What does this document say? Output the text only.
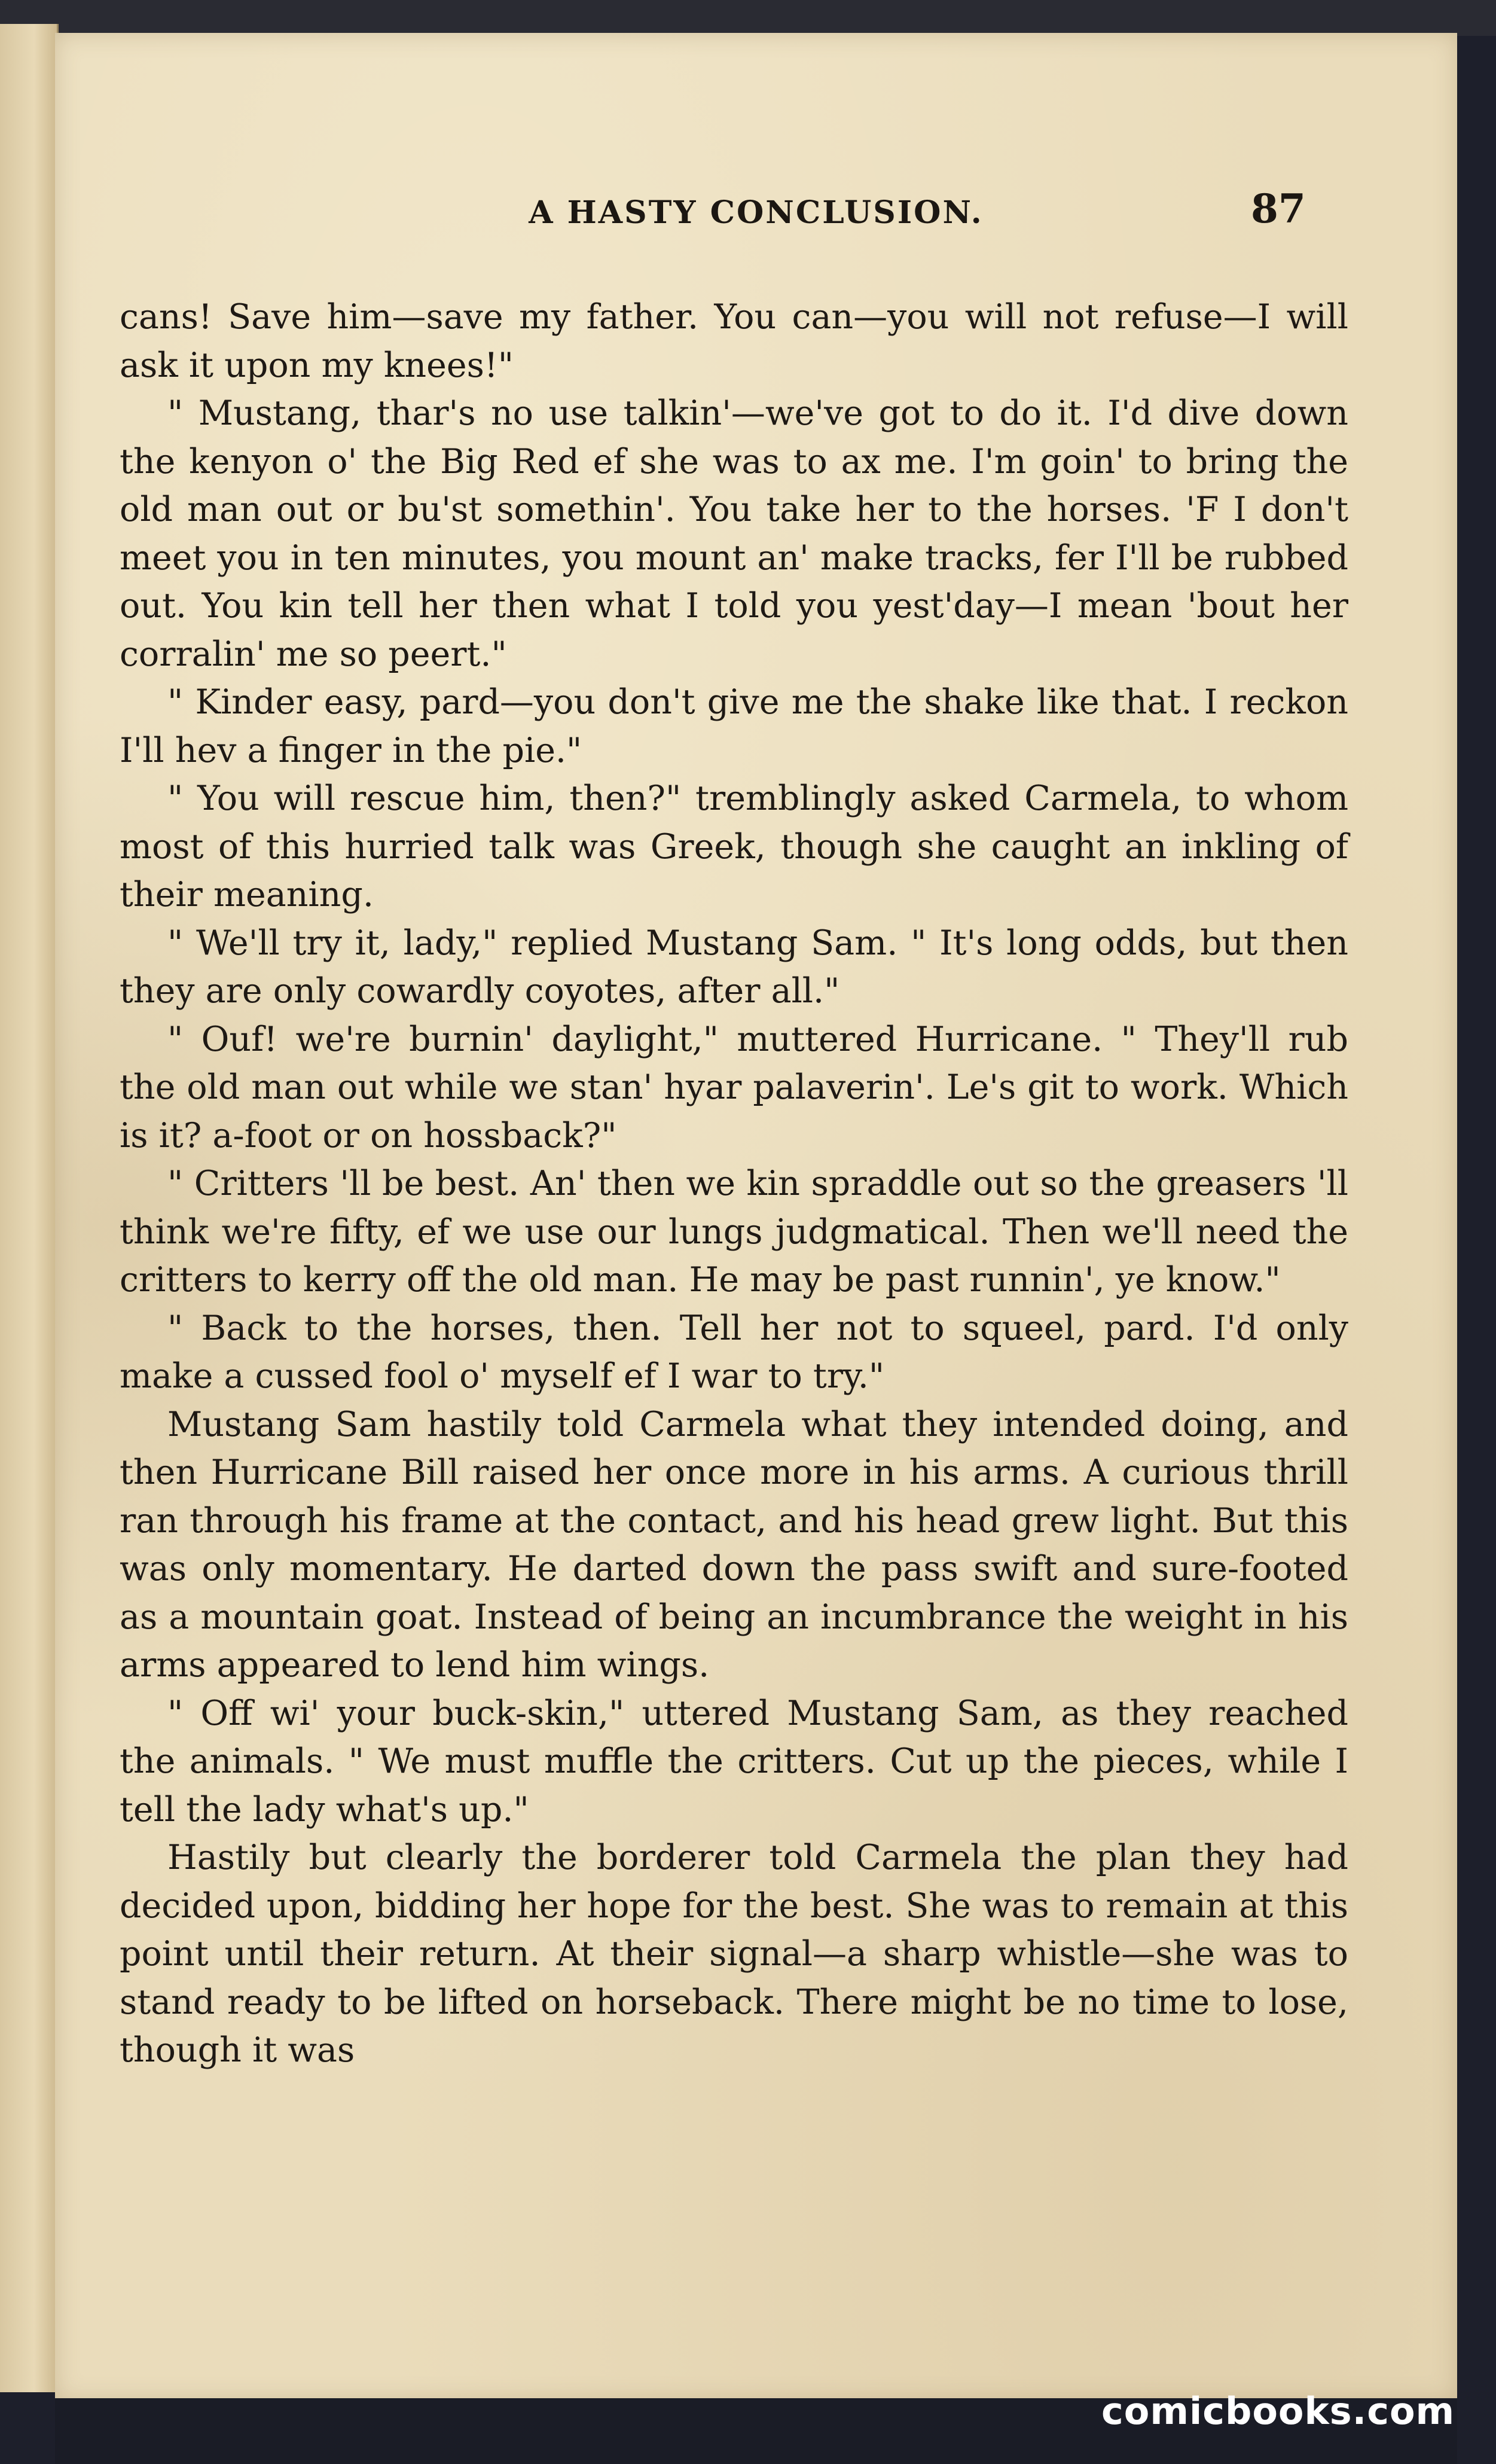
A HASTY CONCLUSION.	87

cans! Save him—save my father. You can—you will not refuse—I will ask it upon my knees!"

" Mustang, thar's no use talkin'—we've got to do it. I'd dive down the kenyon o' the Big Red ef she was to ax me. I'm goin' to bring the old man out or bu'st somethin'. You take her to the horses. 'F I don't meet you in ten minutes, you mount an' make tracks, fer I'll be rubbed out. You kin tell her then what I told you yest'day—I mean 'bout her corralin' me so peert."

" Kinder easy, pard—you don't give me the shake like that. I reckon I'll hev a finger in the pie."

" You will rescue him, then?" tremblingly asked Carmela, to whom most of this hurried talk was Greek, though she caught an inkling of their meaning.

" We'll try it, lady," replied Mustang Sam. " It's long odds, but then they are only cowardly coyotes, after all."

" Ouf! we're burnin' daylight," muttered Hurricane. " They'll rub the old man out while we stan' hyar palaverin'. Le's git to work. Which is it? a-foot or on hossback?"

" Critters 'll be best. An' then we kin spraddle out so the greasers 'll think we're fifty, ef we use our lungs judgmatical. Then we'll need the critters to kerry off the old man. He may be past runnin', ye know."

" Back to the horses, then. Tell her not to squeel, pard. I'd only make a cussed fool o' myself ef I war to try."

Mustang Sam hastily told Carmela what they intended doing, and then Hurricane Bill raised her once more in his arms. A curious thrill ran through his frame at the contact, and his head grew light. But this was only momentary. He darted down the pass swift and sure-footed as a mountain goat. Instead of being an incumbrance the weight in his arms appeared to lend him wings.

" Off wi' your buck-skin," uttered Mustang Sam, as they reached the animals. " We must muffle the critters. Cut up the pieces, while I tell the lady what's up."

Hastily but clearly the borderer told Carmela the plan they had decided upon, bidding her hope for the best. She was to remain at this point until their return. At their signal—a sharp whistle—she was to stand ready to be lifted on horseback. There might be no time to lose, though it was

comicbooks.com
